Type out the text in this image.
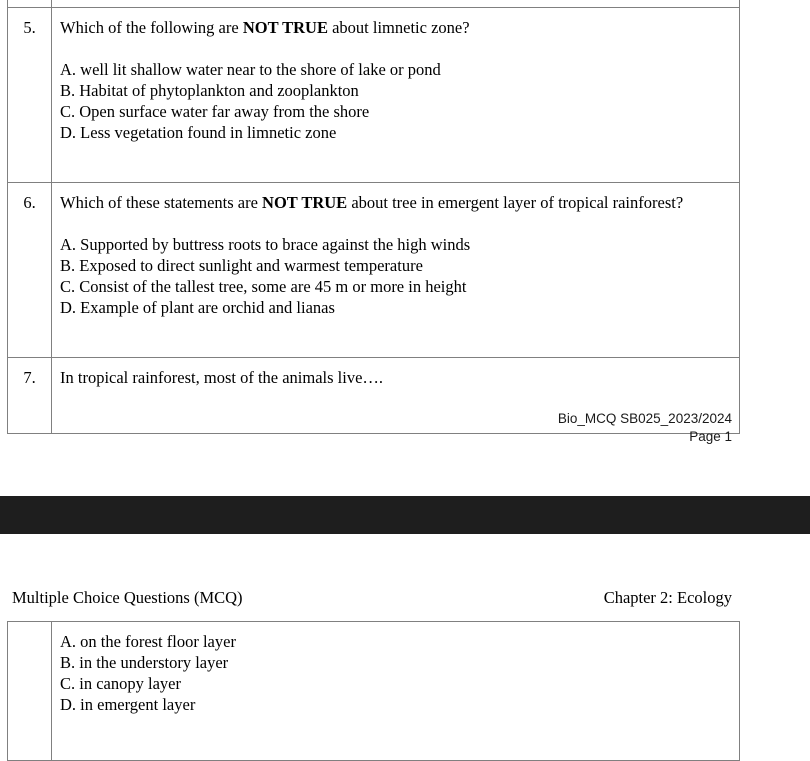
5.	Which of the following are NOT TRUE about limnetic zone?

A. well lit shallow water near to the shore of lake or pond

B. Habitat of phytoplankton and zooplankton

C. Open surface water far away from the shore

D. Less vegetation found in limnetic zone

6.	Which of these statements are NOT TRUE about tree in emergent layer of tropical rainforest?

A. Supported by buttress roots to brace against the high winds

B. Exposed to direct sunlight and warmest temperature

C. Consist of the tallest tree, some are 45 m or more in height

D. Example of plant are orchid and lianas

7.	In tropical rainforest, most of the animals live….

Bio_MCQ SB025_2023/2024
Page 1
Multiple Choice Questions (MCQ)	Chapter 2: Ecology

A. on the forest floor layer

B. in the understory layer

C. in canopy layer

D. in emergent layer
